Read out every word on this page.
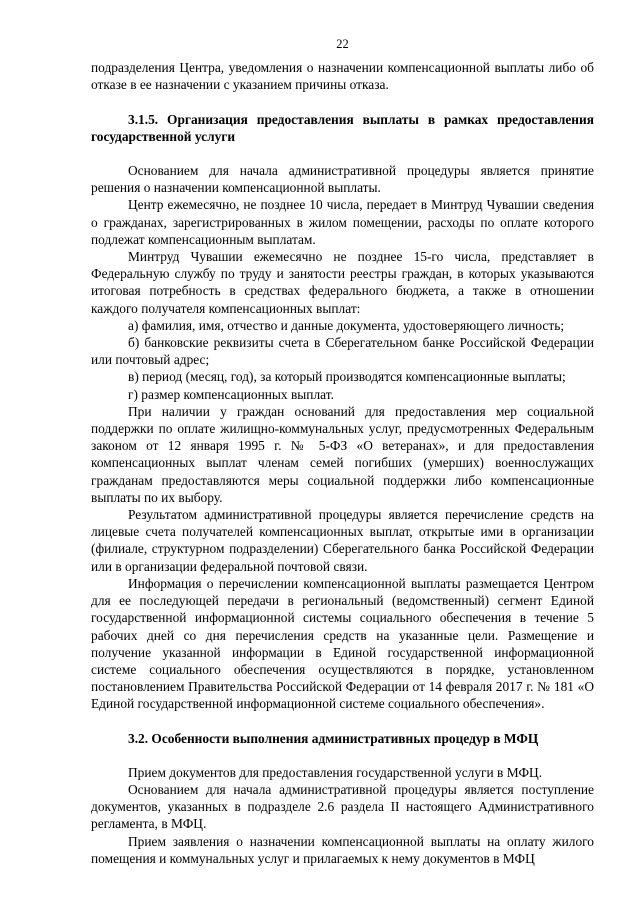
22

подразделения Центра, уведомления о назначении компенсационной выплаты либо об отказе в ее назначении с указанием причины отказа.

3.1.5. Организация предоставления выплаты в рамках предоставления государственной услуги

Основанием для начала административной процедуры является принятие решения о назначении компенсационной выплаты.

Центр ежемесячно, не позднее 10 числа, передает в Минтруд Чувашии сведения о гражданах, зарегистрированных в жилом помещении, расходы по оплате которого подлежат компенсационным выплатам.

Минтруд Чувашии ежемесячно не позднее 15-го числа, представляет в Федеральную службу по труду и занятости реестры граждан, в которых указываются итоговая потребность в средствах федерального бюджета, а также в отношении каждого получателя компенсационных выплат:

а) фамилия, имя, отчество и данные документа, удостоверяющего личность;

б) банковские реквизиты счета в Сберегательном банке Российской Федерации или почтовый адрес;

в) период (месяц, год), за который производятся компенсационные выплаты;

г) размер компенсационных выплат.

При наличии у граждан оснований для предоставления мер социальной поддержки по оплате жилищно-коммунальных услуг, предусмотренных Федеральным законом от 12 января 1995 г. № 5-ФЗ «О ветеранах», и для предоставления компенсационных выплат членам семей погибших (умерших) военнослужащих гражданам предоставляются меры социальной поддержки либо компенсационные выплаты по их выбору.

Результатом административной процедуры является перечисление средств на лицевые счета получателей компенсационных выплат, открытые ими в организации (филиале, структурном подразделении) Сберегательного банка Российской Федерации или в организации федеральной почтовой связи.

Информация о перечислении компенсационной выплаты размещается Центром для ее последующей передачи в региональный (ведомственный) сегмент Единой государственной информационной системы социального обеспечения в течение 5 рабочих дней со дня перечисления средств на указанные цели. Размещение и получение указанной информации в Единой государственной информационной системе социального обеспечения осуществляются в порядке, установленном постановлением Правительства Российской Федерации от 14 февраля 2017 г. № 181 «О Единой государственной информационной системе социального обеспечения».

3.2. Особенности выполнения административных процедур в МФЦ

Прием документов для предоставления государственной услуги в МФЦ.

Основанием для начала административной процедуры является поступление документов, указанных в подразделе 2.6 раздела II настоящего Административного регламента, в МФЦ.

Прием заявления о назначении компенсационной выплаты на оплату жилого помещения и коммунальных услуг и прилагаемых к нему документов в МФЦ
